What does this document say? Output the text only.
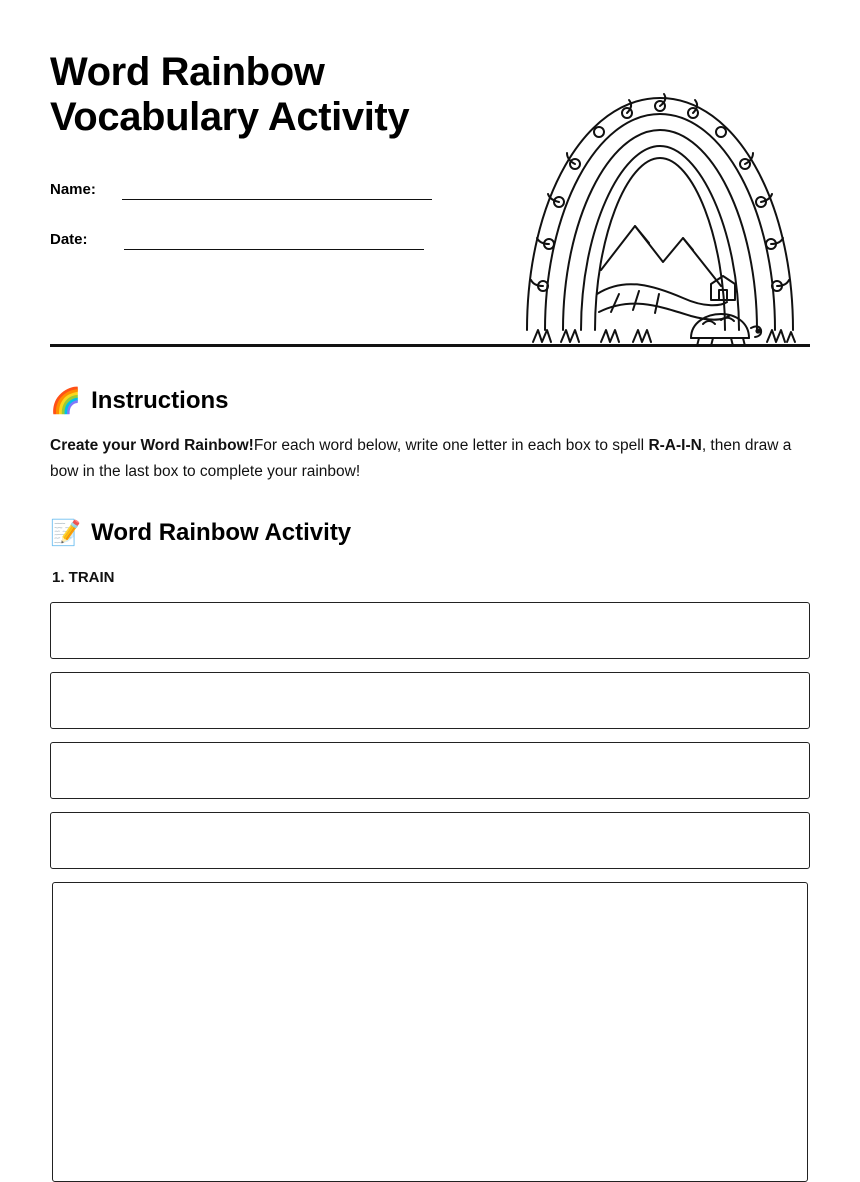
Word Rainbow Vocabulary Activity
Name:
Date:
🌈 Instructions

Create your Word Rainbow!For each word below, write one letter in each box to spell R-A-I-N, then draw a bow in the last box to complete your rainbow!

📝 Word Rainbow Activity
1. TRAIN
